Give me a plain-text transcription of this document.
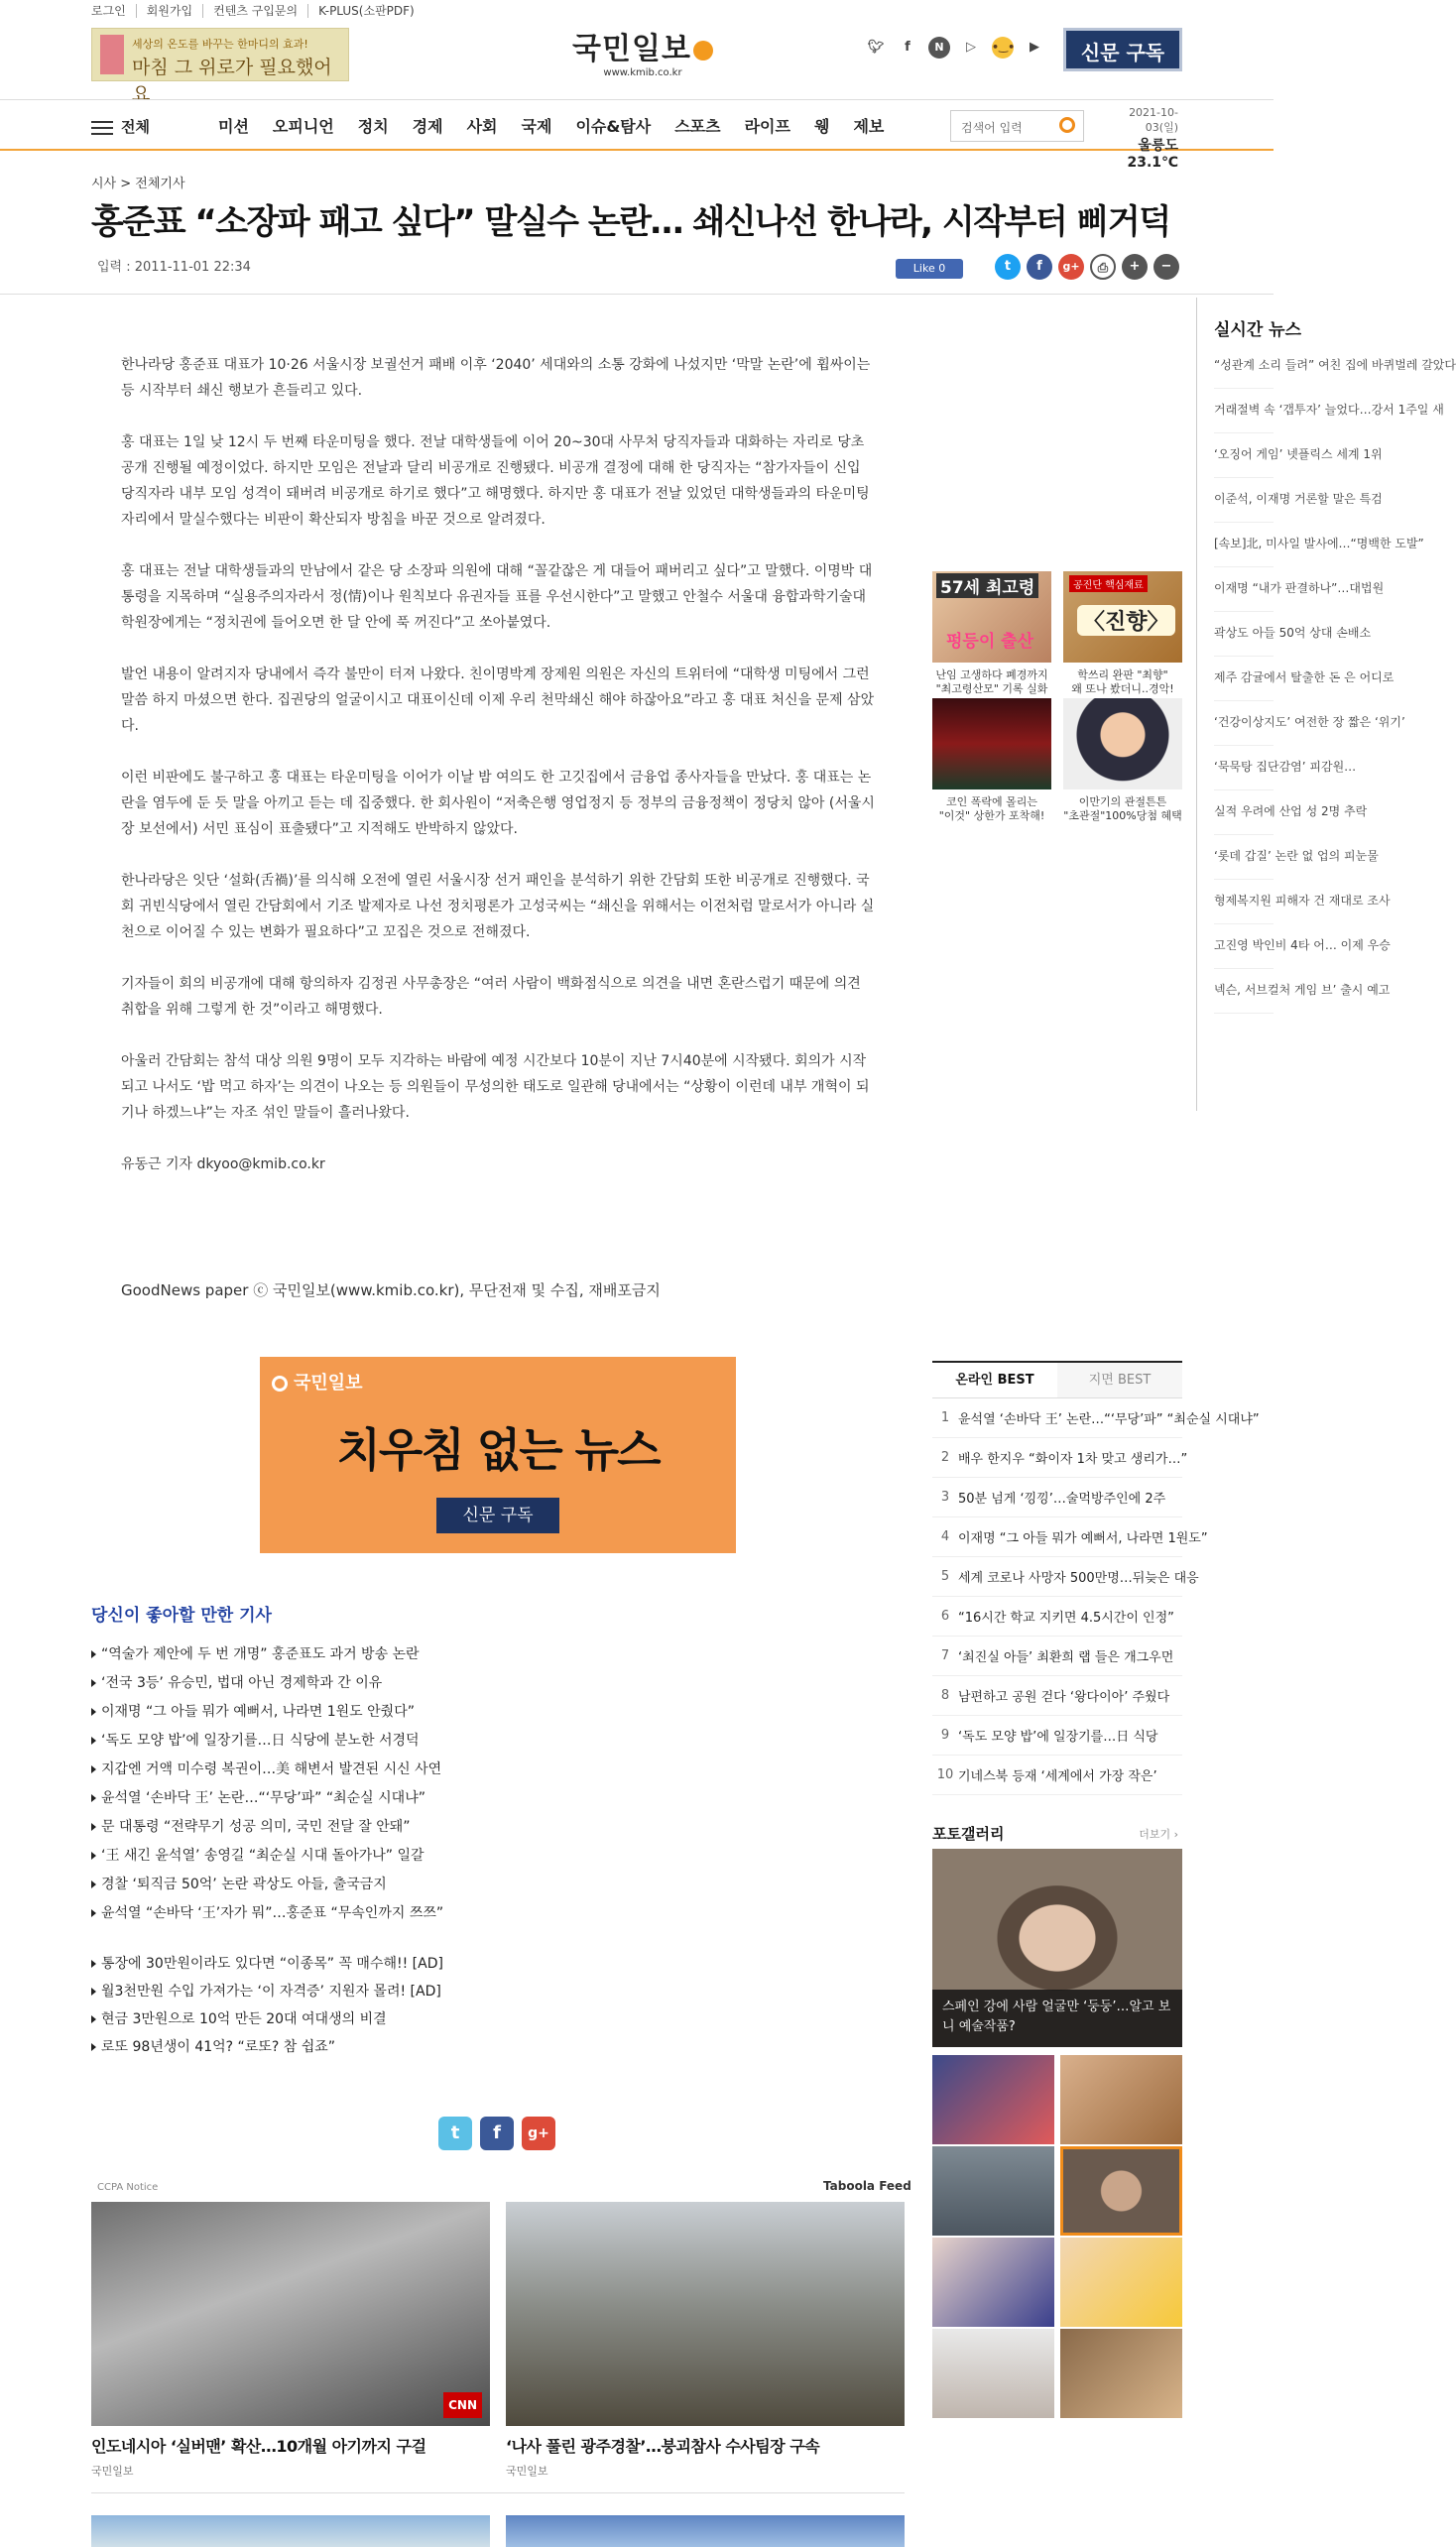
로그인	회원가입	컨텐츠 구입문의	K-PLUS(소판PDF)
세상의 온도를 바꾸는 한마디의 효과!
마침 그 위로가 필요했어요
국민일보
www.kmib.co.kr
🐦︎	f	N	▷	•‿•	▶	신문 구독
전체	미션 오피니언 정치 경제 사회 국제 이슈&탐사 스포츠 라이프 웽 제보	검색어 입력
2021-10-03(일)
울릉도23.1℃
시사 > 전체기사
홍준표 “소장파 패고 싶다” 말실수 논란… 쇄신나선 한나라, 시작부터 삐거덕
입력 : 2011-11-01 22:34	Like 0	t	f	g+	⎙	+	−

한나라당 홍준표 대표가 10·26 서울시장 보궐선거 패배 이후 ‘2040’ 세대와의 소통 강화에 나섰지만 ‘막말 논란’에 휩싸이는 등 시작부터 쇄신 행보가 흔들리고 있다.

홍 대표는 1일 낮 12시 두 번째 타운미팅을 했다. 전날 대학생들에 이어 20~30대 사무처 당직자들과 대화하는 자리로 당초 공개 진행될 예정이었다. 하지만 모임은 전날과 달리 비공개로 진행됐다. 비공개 결정에 대해 한 당직자는 “참가자들이 신입 당직자라 내부 모임 성격이 돼버려 비공개로 하기로 했다”고 해명했다. 하지만 홍 대표가 전날 있었던 대학생들과의 타운미팅 자리에서 말실수했다는 비판이 확산되자 방침을 바꾼 것으로 알려졌다.

홍 대표는 전날 대학생들과의 만남에서 같은 당 소장파 의원에 대해 “꼴같잖은 게 대들어 패버리고 싶다”고 말했다. 이명박 대통령을 지목하며 “실용주의자라서 정(情)이나 원칙보다 유권자들 표를 우선시한다”고 말했고 안철수 서울대 융합과학기술대학원장에게는 “정치권에 들어오면 한 달 안에 푹 꺼진다”고 쏘아붙였다.

발언 내용이 알려지자 당내에서 즉각 불만이 터져 나왔다. 친이명박계 장제원 의원은 자신의 트위터에 “대학생 미팅에서 그런 말씀 하지 마셨으면 한다. 집권당의 얼굴이시고 대표이신데 이제 우리 천막쇄신 해야 하잖아요”라고 홍 대표 처신을 문제 삼았다.

이런 비판에도 불구하고 홍 대표는 타운미팅을 이어가 이날 밤 여의도 한 고깃집에서 금융업 종사자들을 만났다. 홍 대표는 논란을 염두에 둔 듯 말을 아끼고 듣는 데 집중했다. 한 회사원이 “저축은행 영업정지 등 정부의 금융정책이 정당치 않아 (서울시장 보선에서) 서민 표심이 표출됐다”고 지적해도 반박하지 않았다.

한나라당은 잇단 ‘설화(舌禍)’를 의식해 오전에 열린 서울시장 선거 패인을 분석하기 위한 간담회 또한 비공개로 진행했다. 국회 귀빈식당에서 열린 간담회에서 기조 발제자로 나선 정치평론가 고성국씨는 “쇄신을 위해서는 이전처럼 말로서가 아니라 실천으로 이어질 수 있는 변화가 필요하다”고 꼬집은 것으로 전해졌다.

기자들이 회의 비공개에 대해 항의하자 김정권 사무총장은 “여러 사람이 백화점식으로 의견을 내면 혼란스럽기 때문에 의견 취합을 위해 그렇게 한 것”이라고 해명했다.

아울러 간담회는 참석 대상 의원 9명이 모두 지각하는 바람에 예정 시간보다 10분이 지난 7시40분에 시작됐다. 회의가 시작되고 나서도 ‘밥 먹고 하자’는 의견이 나오는 등 의원들이 무성의한 태도로 일관해 당내에서는 “상황이 이런데 내부 개혁이 되기나 하겠느냐”는 자조 섞인 말들이 흘러나왔다.

유동근 기자 dkyoo@kmib.co.kr

GoodNews paper ⓒ 국민일보(www.kmib.co.kr), 무단전재 및 수집, 재배포금지
57세 최고령
펑등이 출산
난임 고생하다 폐경까지
"최고령산모" 기록 실화
공진단 핵심재료
〈진향〉
학쓰리 완판 "최향"
왜 또나 봤더니..경악!
코인 폭락에 몰리는
"이것" 상한가 포착해!
이만기의 관절튼튼
"초관절"100%당첨 혜택
실시간 뉴스
“성관계 소리 들려” 여친 집에 바퀴벌레 갈았다
거래절벽 속 ‘갭투자’ 늘었다…강서 1주일 새
‘오징어 게임’ 넷플릭스 세계 1위
이준석, 이재명 거론할 말은 특검
[속보]北, 미사일 발사에…“명백한 도발”
이재명 “내가 판결하나”…대법원
곽상도 아들 50억 상대 손배소
제주 감귤에서 탈출한 돈 은 어디로
‘건강이상지도’ 여전한 장 짧은 ‘위기’
‘묵묵탕 집단감염’ 피감원…
실적 우려에 산업 성 2명 추락
‘롯데 갑질’ 논란 없 업의 피눈물
형제복지원 피해자 건 재대로 조사
고진영 박인비 4타 어… 이제 우승
넥슨, 서브컬처 게임 브’ 출시 예고
국민일보
치우침 없는 뉴스
신문 구독
당신이 좋아할 만한 기사
“역술가 제안에 두 번 개명” 홍준표도 과거 방송 논란
‘전국 3등’ 유승민, 법대 아닌 경제학과 간 이유
이재명 “그 아들 뭐가 예뻐서, 나라면 1원도 안줬다”
‘독도 모양 밥’에 일장기를…日 식당에 분노한 서경덕
지갑엔 거액 미수령 복권이…美 해변서 발견된 시신 사연
윤석열 ‘손바닥 王’ 논란…“‘무당’파” “최순실 시대냐”
문 대통령 “전략무기 성공 의미, 국민 전달 잘 안돼”
‘王 새긴 윤석열’ 송영길 “최순실 시대 돌아가나” 일갈
경찰 ‘퇴직금 50억’ 논란 곽상도 아들, 출국금지
윤석열 “손바닥 ‘王’자가 뭐”…홍준표 “무속인까지 쯔쯔”
통장에 30만원이라도 있다면 “이종목” 꼭 매수해!! [AD]
월3천만원 수입 가져가는 ‘이 자격증’ 지원자 몰려! [AD]
현금 3만원으로 10억 만든 20대 여대생의 비결
로또 98년생이 41억? “로또? 참 쉽죠”
t	f	g+
CCPA Notice	Taboola Feed
CNN
인도네시아 ‘실버맨’ 확산…10개월 아기까지 구걸
국민일보
‘나사 풀린 광주경찰’…붕괴참사 수사팀장 구속
국민일보
온라인 BEST	지면 BEST
1 윤석열 ‘손바닥 王’ 논란…“‘무당’파” “최순실 시대냐”
2 배우 한지우 “화이자 1차 맞고 생리가…”
3 50분 넘게 ‘낑낑’…술먹방주인에 2주
4 이재명 “그 아들 뭐가 예뻐서, 나라면 1원도”
5 세계 코로나 사망자 500만명…뒤늦은 대응
6 “16시간 학교 지키면 4.5시간이 인정”
7 ‘최진실 아들’ 최환희 랩 들은 개그우먼
8 남편하고 공원 걷다 ‘왕다이아’ 주웠다
9 ‘독도 모양 밥’에 일장기를…日 식당
10 기네스북 등재 ‘세계에서 가장 작은’
포토갤러리	더보기 ›
스페인 강에 사람 얼굴만 ‘둥둥’…알고 보니 예술작품?
